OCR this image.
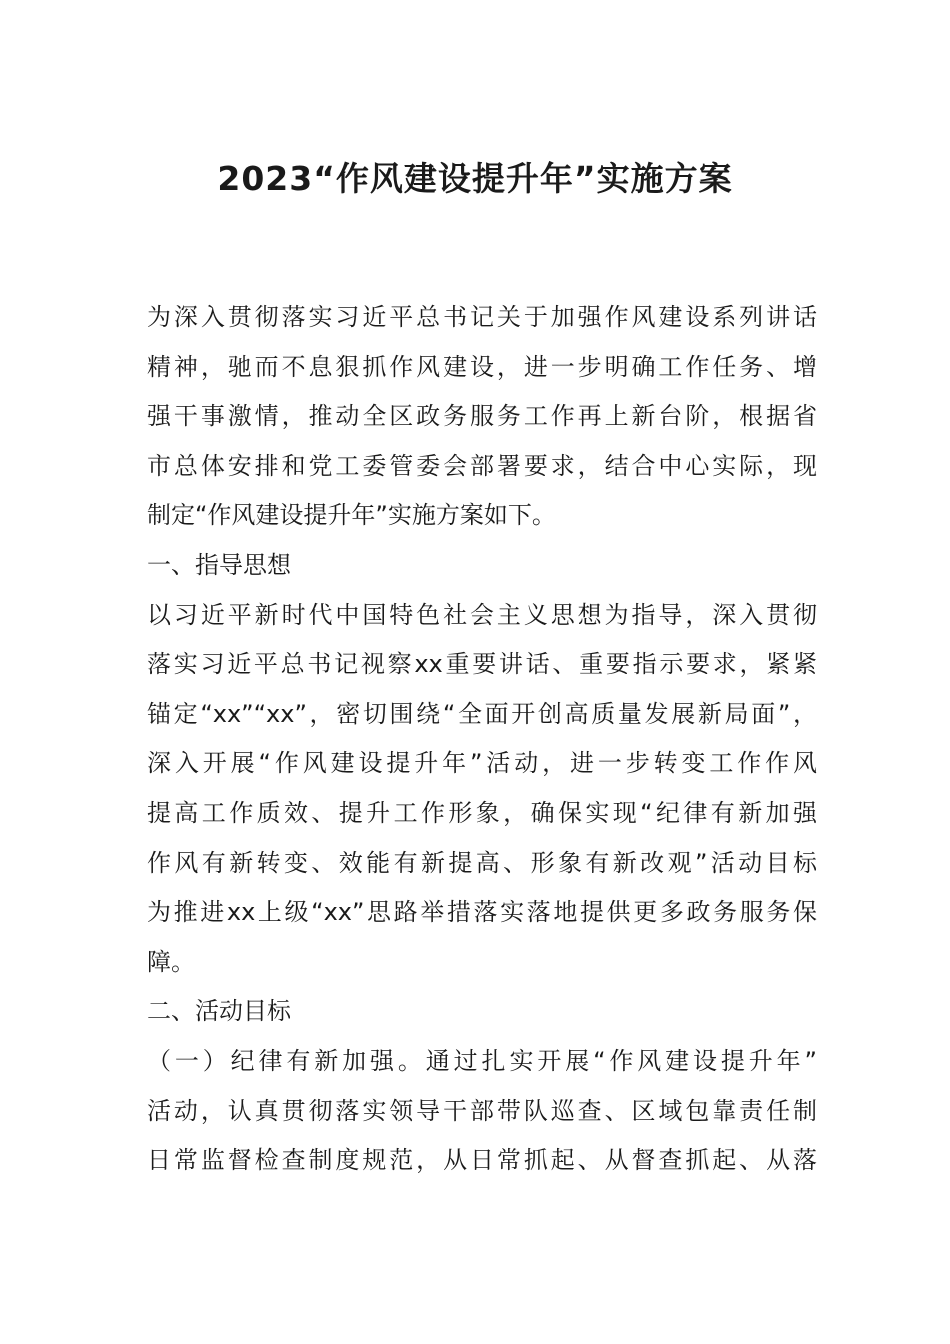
2023“作风建设提升年”实施方案
为深入贯彻落实习近平总书记关于加强作风建设系列讲话
精神，驰而不息狠抓作风建设，进一步明确工作任务、增
强干事激情，推动全区政务服务工作再上新台阶，根据省
市总体安排和党工委管委会部署要求，结合中心实际，现
制定“作风建设提升年”实施方案如下。
一、指导思想
以习近平新时代中国特色社会主义思想为指导，深入贯彻
落实习近平总书记视察xx重要讲话、重要指示要求，紧紧
锚定“xx”“xx”，密切围绕“全面开创高质量发展新局面”，
深入开展“作风建设提升年”活动，进一步转变工作作风
提高工作质效、提升工作形象，确保实现“纪律有新加强
作风有新转变、效能有新提高、形象有新改观”活动目标
为推进xx上级“xx”思路举措落实落地提供更多政务服务保
障。
二、活动目标
（一）纪律有新加强。通过扎实开展“作风建设提升年”
活动，认真贯彻落实领导干部带队巡查、区域包靠责任制
日常监督检查制度规范，从日常抓起、从督查抓起、从落
